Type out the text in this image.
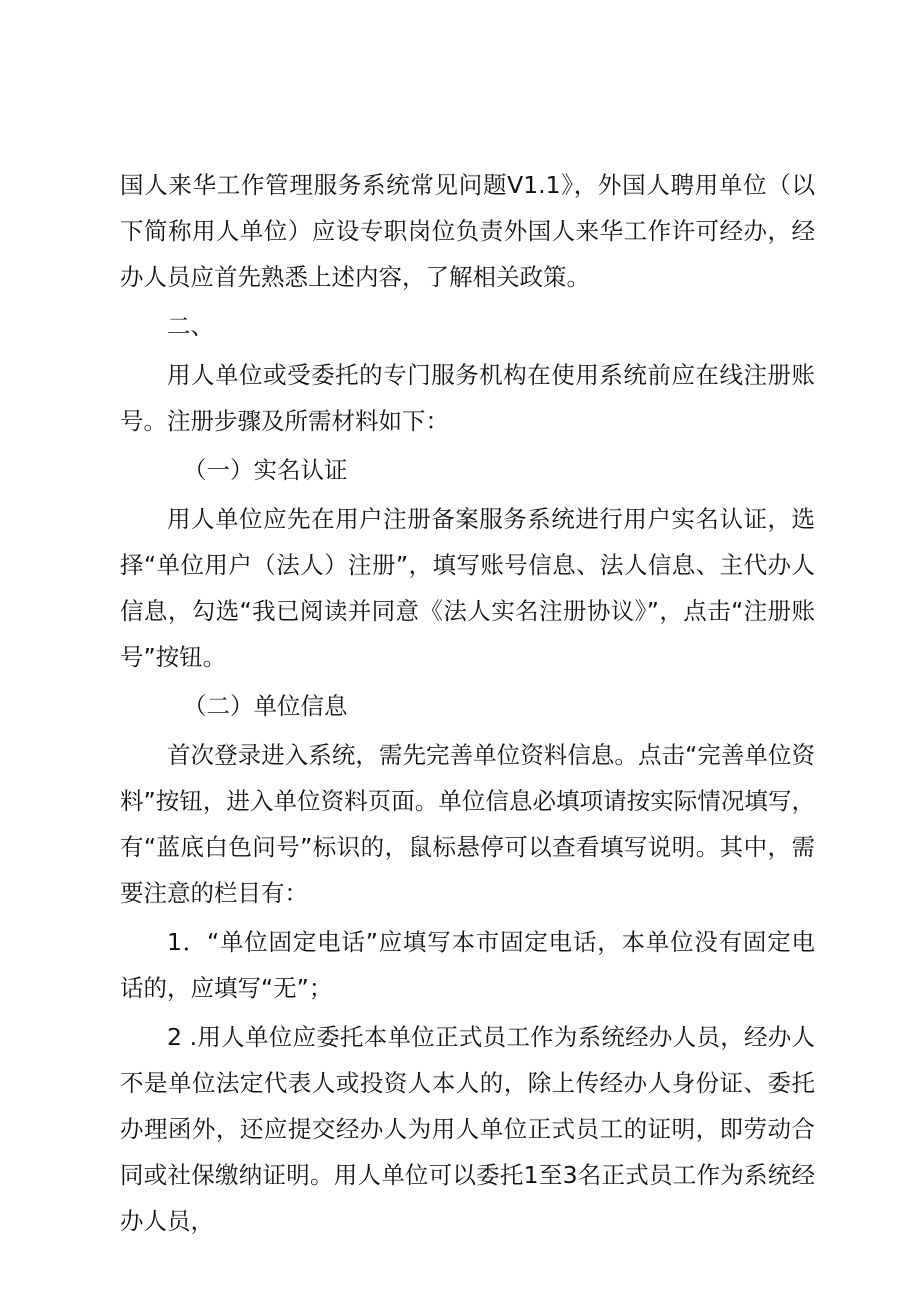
国人来华工作管理服务系统常见问题V1.1》，外国人聘用单位（以下简称用人单位）应设专职岗位负责外国人来华工作许可经办，经办人员应首先熟悉上述内容，了解相关政策。

二、

用人单位或受委托的专门服务机构在使用系统前应在线注册账号。注册步骤及所需材料如下：

（一）实名认证

用人单位应先在用户注册备案服务系统进行用户实名认证，选择“单位用户（法人）注册”，填写账号信息、法人信息、主代办人信息，勾选“我已阅读并同意《法人实名注册协议》”，点击“注册账号”按钮。

（二）单位信息

首次登录进入系统，需先完善单位资料信息。点击“完善单位资料”按钮，进入单位资料页面。单位信息必填项请按实际情况填写，有“蓝底白色问号”标识的，鼠标悬停可以查看填写说明。其中，需要注意的栏目有：

1．“单位固定电话”应填写本市固定电话，本单位没有固定电话的，应填写“无”；

2 .用人单位应委托本单位正式员工作为系统经办人员，经办人不是单位法定代表人或投资人本人的，除上传经办人身份证、委托办理函外，还应提交经办人为用人单位正式员工的证明，即劳动合同或社保缴纳证明。用人单位可以委托1至3名正式员工作为系统经办人员，
